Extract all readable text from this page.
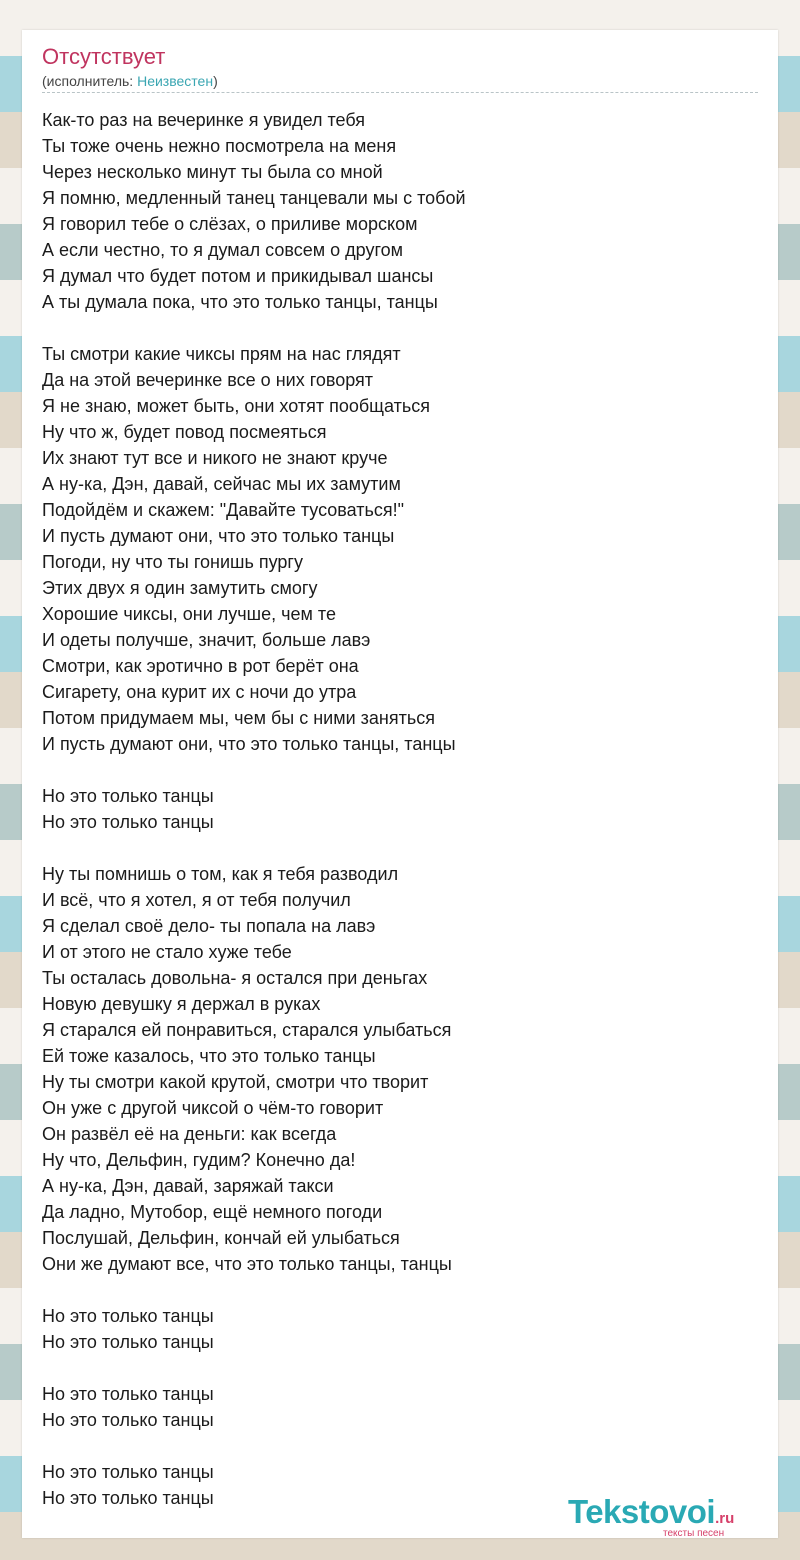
Отсутствует
(исполнитель: Неизвестен)
Как-то раз на вечеринке я увидел тебя
Ты тоже очень нежно посмотрела на меня
Через несколько минут ты была со мной
Я помню, медленный танец танцевали мы с тобой
Я говорил тебе о слёзах, о приливе морском
А если честно, то я думал совсем о другом
Я думал что будет потом и прикидывал шансы
А ты думала пока, что это только танцы, танцы
Ты смотри какие чиксы прям на нас глядят
Да на этой вечеринке все о них говорят
Я не знаю, может быть, они хотят пообщаться
Ну что ж, будет повод посмеяться
Их знают тут все и никого не знают круче
А ну-ка, Дэн, давай, сейчас мы их замутим
Подойдём и скажем: "Давайте тусоваться!"
И пусть думают они, что это только танцы
Погоди, ну что ты гонишь пургу
Этих двух я один замутить смогу
Хорошие чиксы, они лучше, чем те
И одеты получше, значит, больше лавэ
Смотри, как эротично в рот берёт она
Сигарету, она курит их с ночи до утра
Потом придумаем мы, чем бы с ними заняться
И пусть думают они, что это только танцы, танцы
Но это только танцы
Но это только танцы
Ну ты помнишь о том, как я тебя разводил
И всё, что я хотел, я от тебя получил
Я сделал своё дело- ты попала на лавэ
И от этого не стало хуже тебе
Ты осталась довольна- я остался при деньгах
Новую девушку я держал в руках
Я старался ей понравиться, старался улыбаться
Ей тоже казалось, что это только танцы
Ну ты смотри какой крутой, смотри что творит
Он уже с другой чиксой о чём-то говорит
Он развёл её на деньги: как всегда
Ну что, Дельфин, гудим? Конечно да!
А ну-ка, Дэн, давай, заряжай такси
Да ладно, Мутобор, ещё немного погоди
Послушай, Дельфин, кончай ей улыбаться
Они же думают все, что это только танцы, танцы
Но это только танцы
Но это только танцы
Но это только танцы
Но это только танцы
Но это только танцы
Но это только танцы	Tekstovoi.ru
тексты песен
